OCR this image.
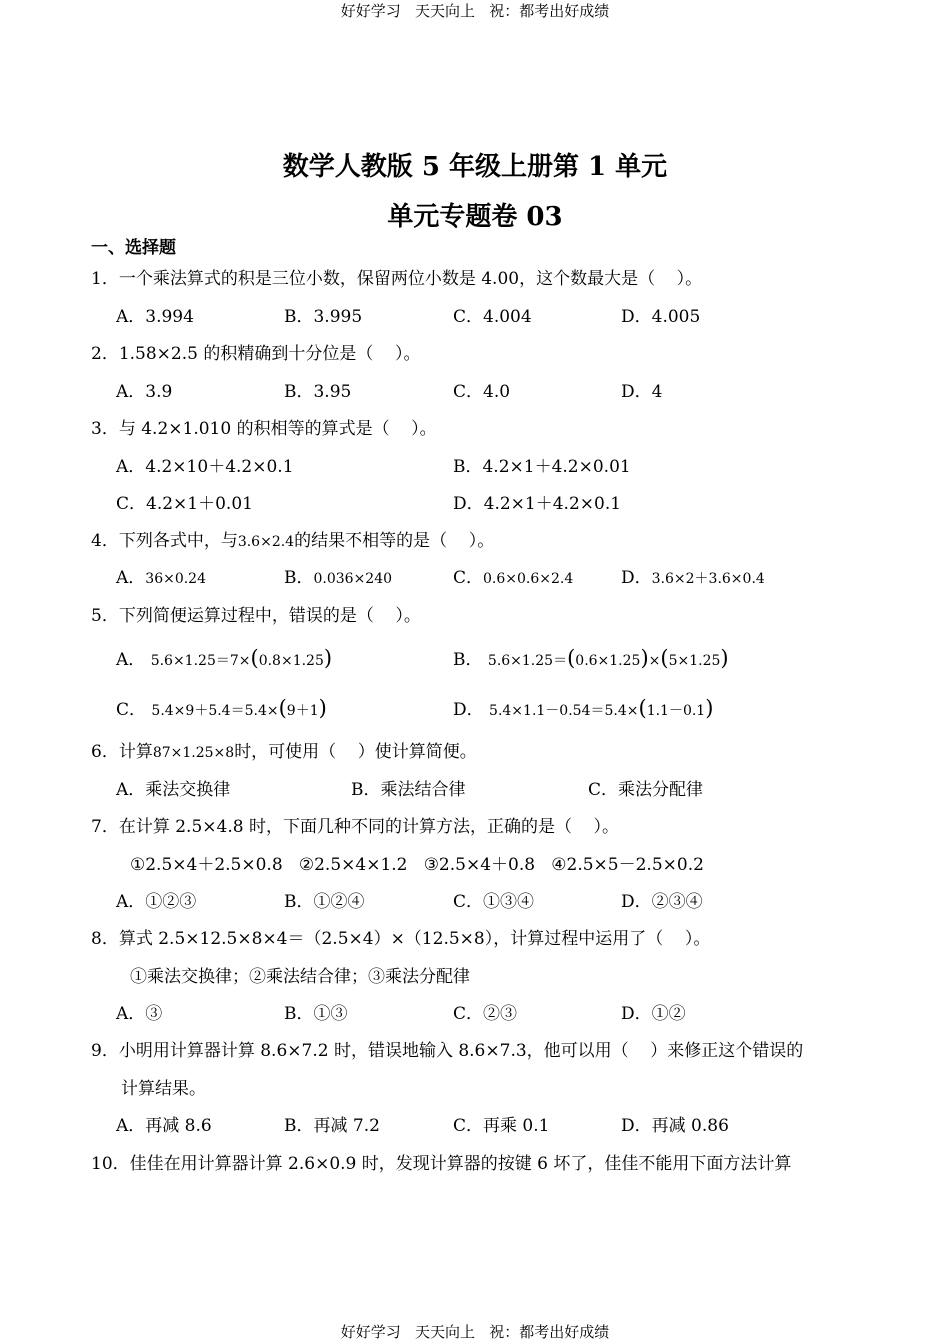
好好学习   天天向上   祝：都考出好成绩
数学人教版 5 年级上册第 1 单元
单元专题卷 03
一、选择题
1．一个乘法算式的积是三位小数，保留两位小数是 4.00，这个数最大是（    ）。
A．3.994	B．3.995	C．4.004	D．4.005
2．1.58×2.5 的积精确到十分位是（    ）。
A．3.9	B．3.95	C．4.0	D．4
3．与 4.2×1.010 的积相等的算式是（    ）。
A．4.2×10＋4.2×0.1	B．4.2×1＋4.2×0.01
C．4.2×1＋0.01	D．4.2×1＋4.2×0.1
4．下列各式中，与3.6×2.4的结果不相等的是（    ）。
A．36×0.24	B．0.036×240	C．0.6×0.6×2.4	D．3.6×2＋3.6×0.4
5．下列简便运算过程中，错误的是（    ）。
A． 5.6×1.25＝7×(0.8×1.25)	B． 5.6×1.25＝(0.6×1.25)×(5×1.25)
C． 5.4×9＋5.4＝5.4×(9＋1)	D． 5.4×1.1－0.54＝5.4×(1.1－0.1)
6．计算87×1.25×8时，可使用（    ）使计算简便。
A．乘法交换律	B．乘法结合律	C．乘法分配律
7．在计算 2.5×4.8 时，下面几种不同的计算方法，正确的是（    ）。
①2.5×4＋2.5×0.8   ②2.5×4×1.2   ③2.5×4＋0.8   ④2.5×5－2.5×0.2
A．①②③	B．①②④	C．①③④	D．②③④
8．算式 2.5×12.5×8×4＝（2.5×4）×（12.5×8），计算过程中运用了（    ）。
①乘法交换律；②乘法结合律；③乘法分配律
A．③	B．①③	C．②③	D．①②
9．小明用计算器计算 8.6×7.2 时，错误地输入 8.6×7.3，他可以用（    ）来修正这个错误的
计算结果。
A．再减 8.6	B．再减 7.2	C．再乘 0.1	D．再减 0.86
10．佳佳在用计算器计算 2.6×0.9 时，发现计算器的按键 6 坏了，佳佳不能用下面方法计算
好好学习   天天向上   祝：都考出好成绩
